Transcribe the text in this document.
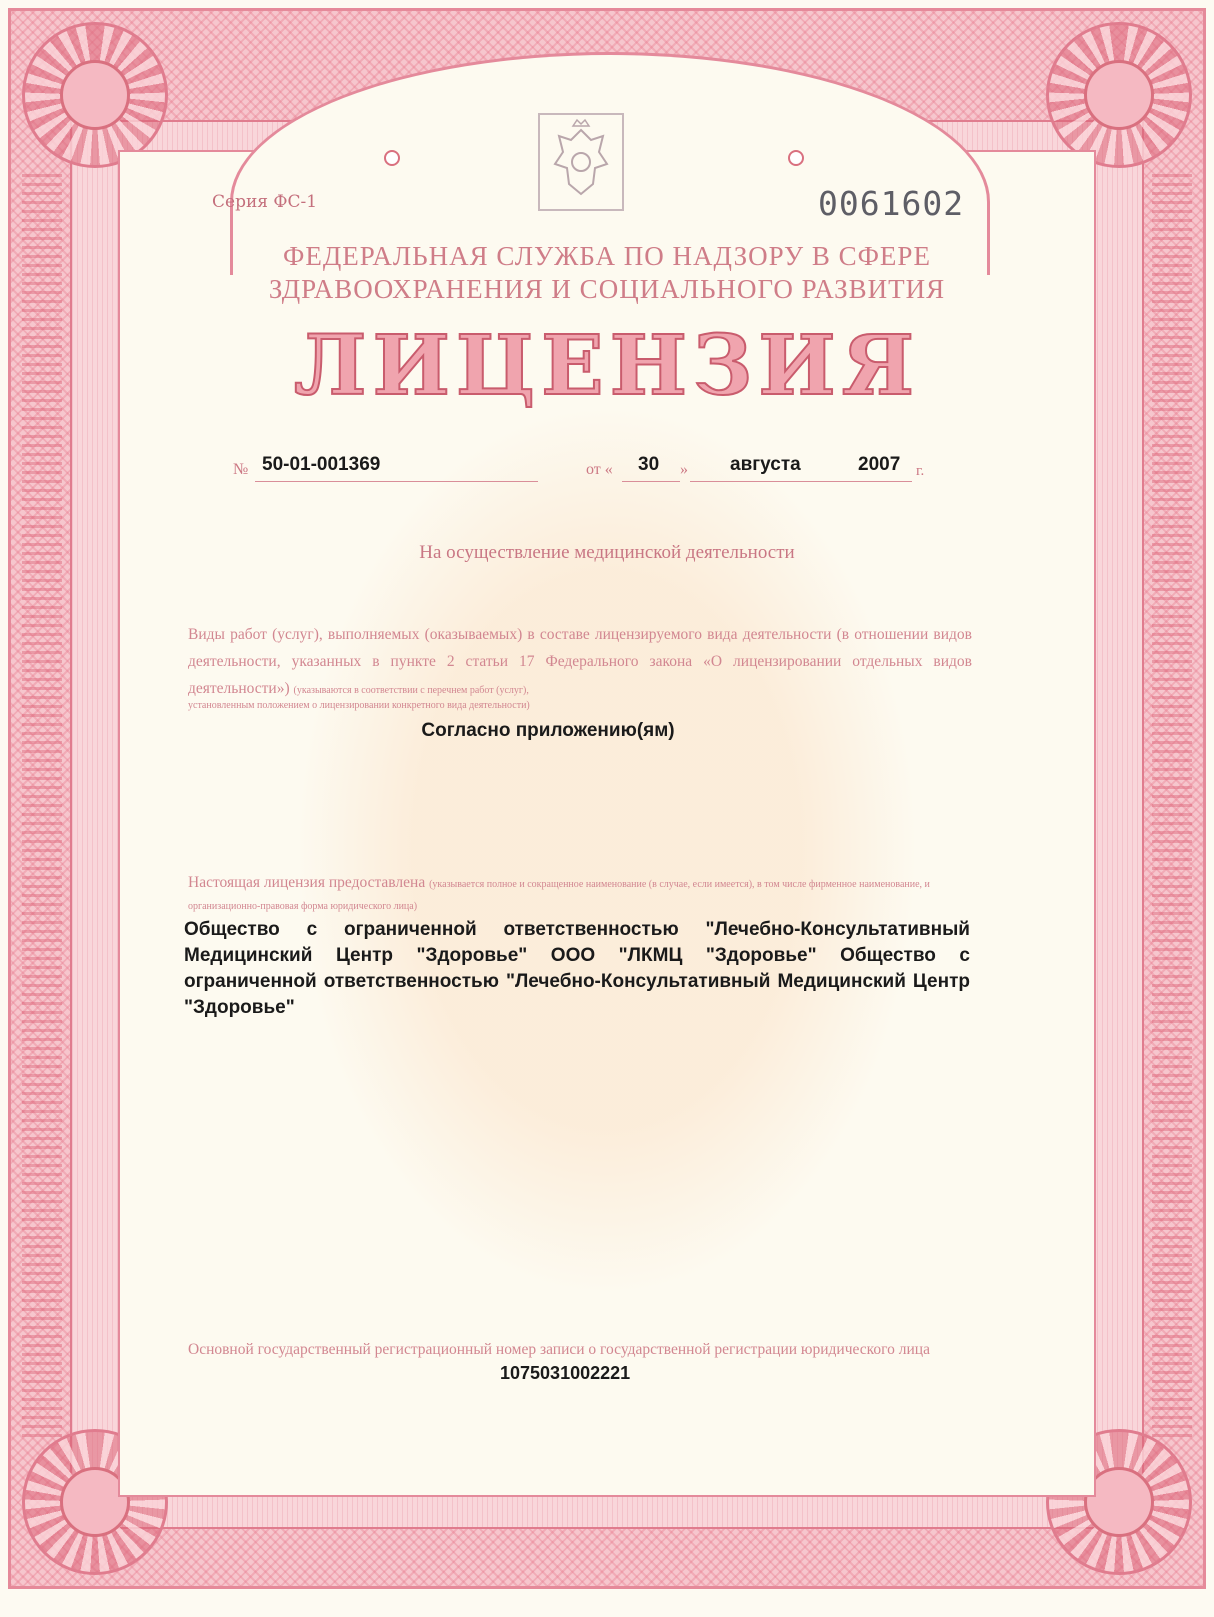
Серия ФС-1	0061602
ФЕДЕРАЛЬНАЯ СЛУЖБА ПО НАДЗОРУ В СФЕРЕ
ЗДРАВООХРАНЕНИЯ И СОЦИАЛЬНОГО РАЗВИТИЯ
ЛИЦЕНЗИЯ
№ 50-01-001369	от « 30 » августа	2007 г.
На осуществление медицинской деятельности
Виды работ (услуг), выполняемых (оказываемых) в составе лицензируемого вида деятельности (в отношении видов деятельности, указанных в пункте 2 статьи 17 Федерального закона «О лицензировании отдельных видов деятельности») (указываются в соответствии с перечнем работ (услуг),
установленным положением о лицензировании конкретного вида деятельности)
Согласно приложению(ям)
Настоящая лицензия предоставлена (указывается полное и сокращенное наименование (в случае, если имеется), в том числе фирменное наименование, и организационно-правовая форма юридического лица)
Общество с ограниченной ответственностью "Лечебно-Консультативный Медицинский Центр "Здоровье" ООО "ЛКМЦ "Здоровье" Общество с ограниченной ответственностью "Лечебно-Консультативный Медицинский Центр "Здоровье"
Основной государственный регистрационный номер записи о государственной регистрации юридического лица
1075031002221
